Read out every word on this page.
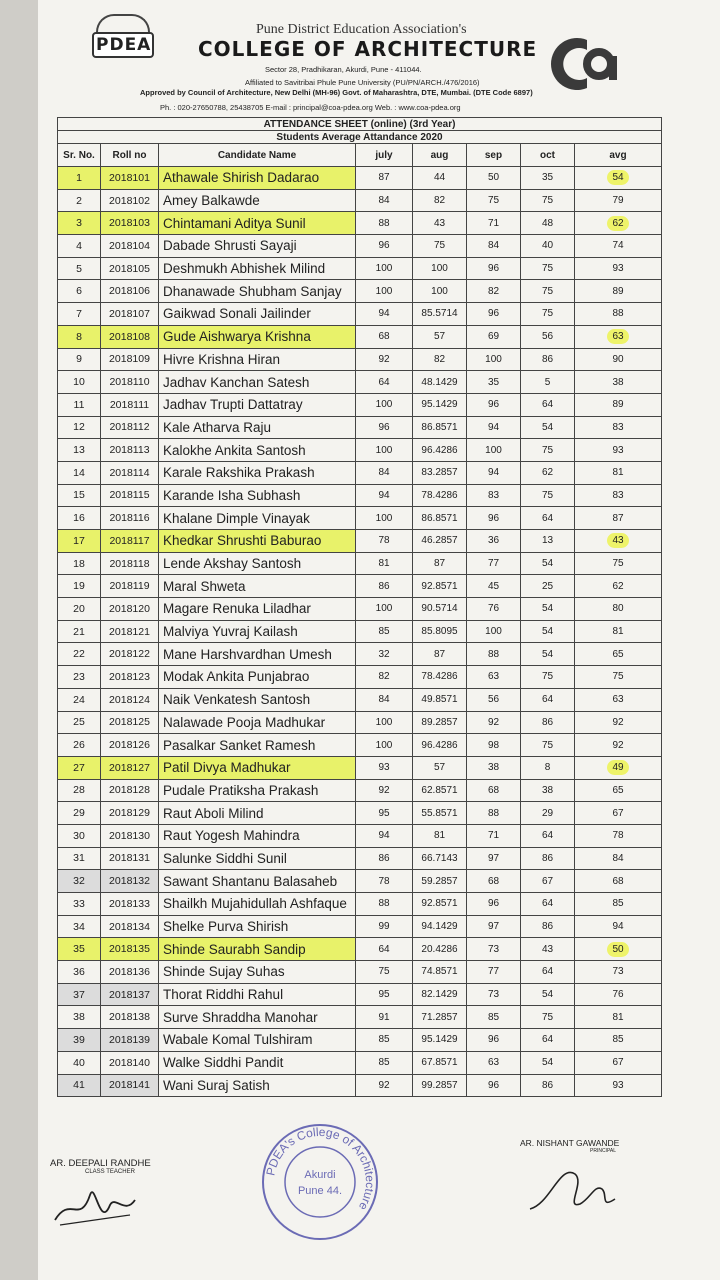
PDEA

Pune District Education Association's
COLLEGE OF ARCHITECTURE
Sector 28, Pradhikaran, Akurdi, Pune - 411044.
Affiliated to Savitribai Phule Pune University (PU/PN/ARCH./476/2016)
Approved by Council of Architecture, New Delhi (MH-96) Govt. of Maharashtra, DTE, Mumbai. (DTE Code 6897)
Ph. : 020-27650788, 25438705 E-mail : principal@coa-pdea.org Web. : www.coa-pdea.org
ATTENDANCE SHEET (online) (3rd Year)							
Students Average Attandance 2020							
Sr. No.	Roll no	Candidate Name	july	aug	sep	oct	avg
1	2018101	Athawale Shirish Dadarao	87	44	50	35	54
2	2018102	Amey Balkawde	84	82	75	75	79
3	2018103	Chintamani Aditya Sunil	88	43	71	48	62
4	2018104	Dabade Shrusti Sayaji	96	75	84	40	74
5	2018105	Deshmukh Abhishek Milind	100	100	96	75	93
6	2018106	Dhanawade Shubham Sanjay	100	100	82	75	89
7	2018107	Gaikwad Sonali Jailinder	94	85.5714	96	75	88
8	2018108	Gude Aishwarya Krishna	68	57	69	56	63
9	2018109	Hivre Krishna Hiran	92	82	100	86	90
10	2018110	Jadhav Kanchan Satesh	64	48.1429	35	5	38
11	2018111	Jadhav Trupti Dattatray	100	95.1429	96	64	89
12	2018112	Kale Atharva Raju	96	86.8571	94	54	83
13	2018113	Kalokhe Ankita Santosh	100	96.4286	100	75	93
14	2018114	Karale Rakshika Prakash	84	83.2857	94	62	81
15	2018115	Karande Isha Subhash	94	78.4286	83	75	83
16	2018116	Khalane Dimple Vinayak	100	86.8571	96	64	87
17	2018117	Khedkar Shrushti Baburao	78	46.2857	36	13	43
18	2018118	Lende Akshay Santosh	81	87	77	54	75
19	2018119	Maral Shweta	86	92.8571	45	25	62
20	2018120	Magare Renuka Liladhar	100	90.5714	76	54	80
21	2018121	Malviya Yuvraj Kailash	85	85.8095	100	54	81
22	2018122	Mane Harshvardhan Umesh	32	87	88	54	65
23	2018123	Modak Ankita Punjabrao	82	78.4286	63	75	75
24	2018124	Naik Venkatesh Santosh	84	49.8571	56	64	63
25	2018125	Nalawade Pooja Madhukar	100	89.2857	92	86	92
26	2018126	Pasalkar Sanket Ramesh	100	96.4286	98	75	92
27	2018127	Patil Divya Madhukar	93	57	38	8	49
28	2018128	Pudale Pratiksha Prakash	92	62.8571	68	38	65
29	2018129	Raut Aboli Milind	95	55.8571	88	29	67
30	2018130	Raut Yogesh Mahindra	94	81	71	64	78
31	2018131	Salunke Siddhi Sunil	86	66.7143	97	86	84
32	2018132	Sawant Shantanu Balasaheb	78	59.2857	68	67	68
33	2018133	Shailkh Mujahidullah Ashfaque	88	92.8571	96	64	85
34	2018134	Shelke Purva Shirish	99	94.1429	97	86	94
35	2018135	Shinde Saurabh Sandip	64	20.4286	73	43	50
36	2018136	Shinde Sujay Suhas	75	74.8571	77	64	73
37	2018137	Thorat Riddhi Rahul	95	82.1429	73	54	76
38	2018138	Surve Shraddha Manohar	91	71.2857	85	75	81
39	2018139	Wabale Komal Tulshiram	85	95.1429	96	64	85
40	2018140	Walke Siddhi Pandit	85	67.8571	63	54	67
41	2018141	Wani Suraj Satish	92	99.2857	96	86	93
AR. DEEPALI RANDHE
CLASS TEACHER	PDEA's College of Architecture
Akurdi
Pune 44.
AR. NISHANT GAWANDE
PRINCIPAL
